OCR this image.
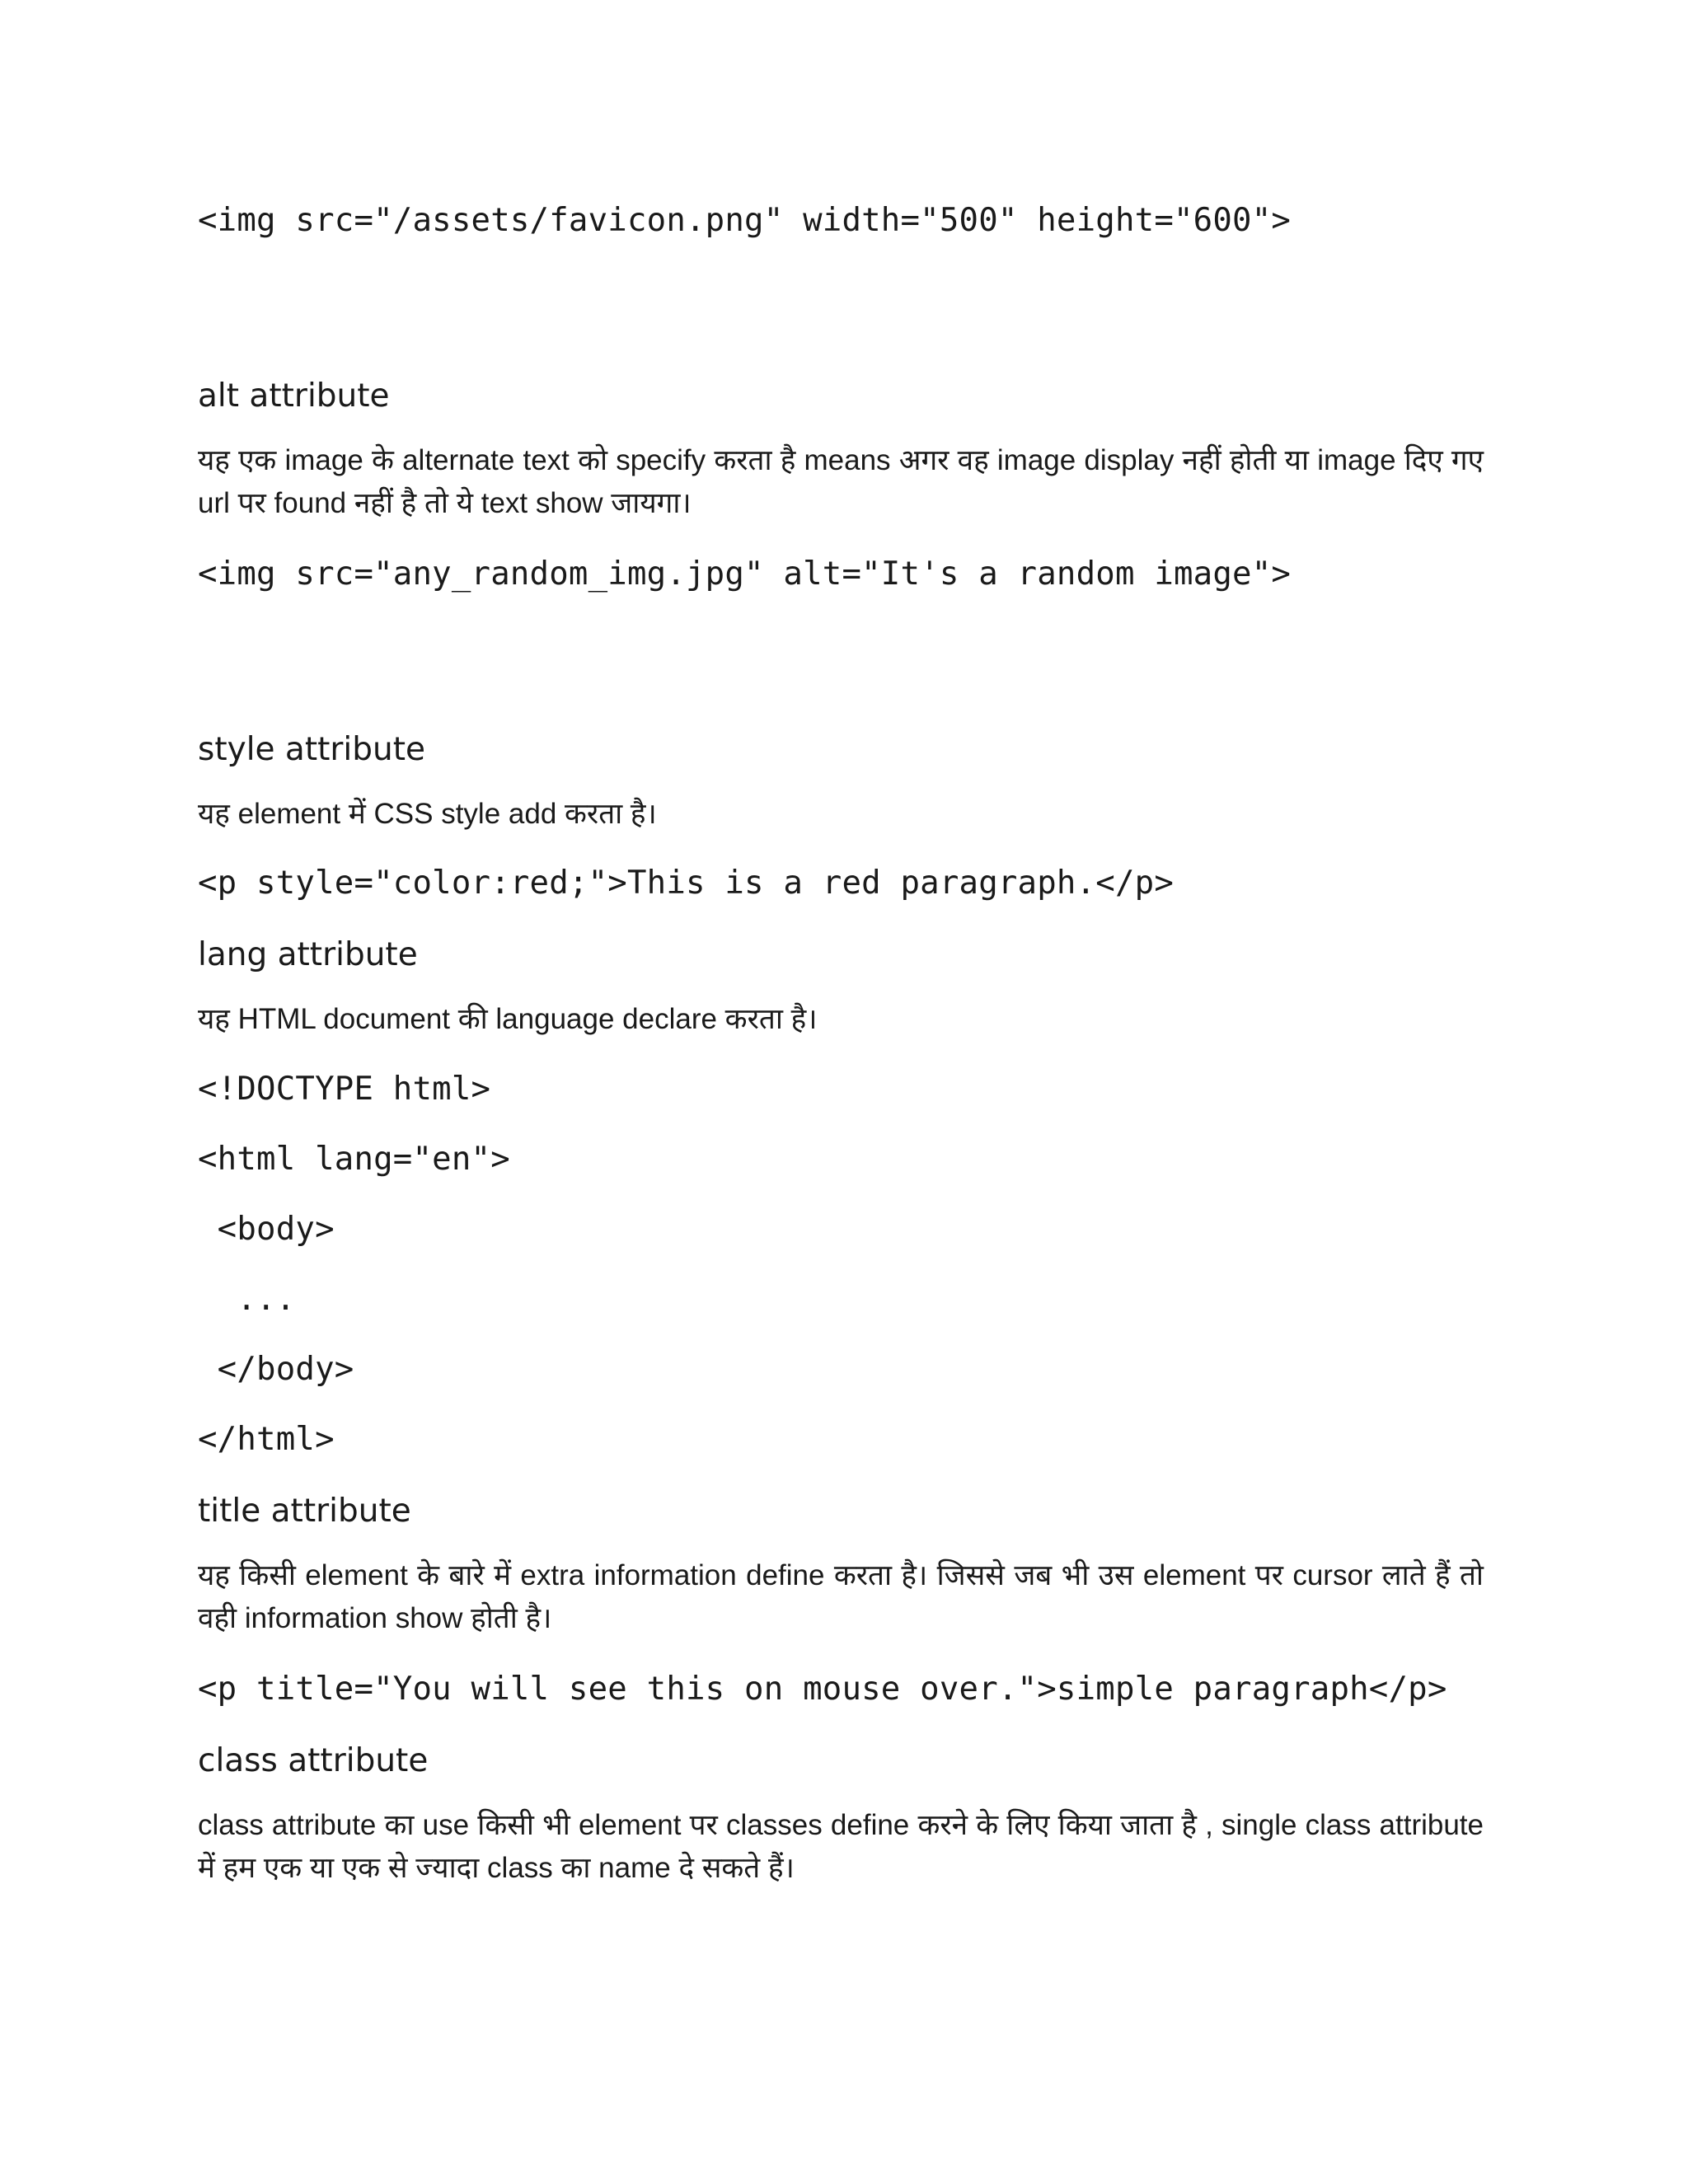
<img src="/assets/favicon.png" width="500" height="600">

alt attribute

यह एक image के alternate text को specify करता है means अगर वह image display नहीं होती या image दिए गए url पर found नहीं है तो ये text show जायगा।

<img src="any_random_img.jpg" alt="It's a random image">

style attribute

यह element में CSS style add करता है।

<p style="color:red;">This is a red paragraph.</p>

lang attribute

यह HTML document की language declare करता है।

<!DOCTYPE html>

<html lang="en">

<body>

...

</body>

</html>

title attribute

यह किसी element के बारे में extra information define करता है। जिससे जब भी उस element पर cursor लाते हैं तो वही information show होती है।

<p title="You will see this on mouse over.">simple paragraph</p>

class attribute

class attribute का use किसी भी element पर classes define करने के लिए किया जाता है , single class attribute में हम एक या एक से ज्यादा class का name दे सकते हैं।
